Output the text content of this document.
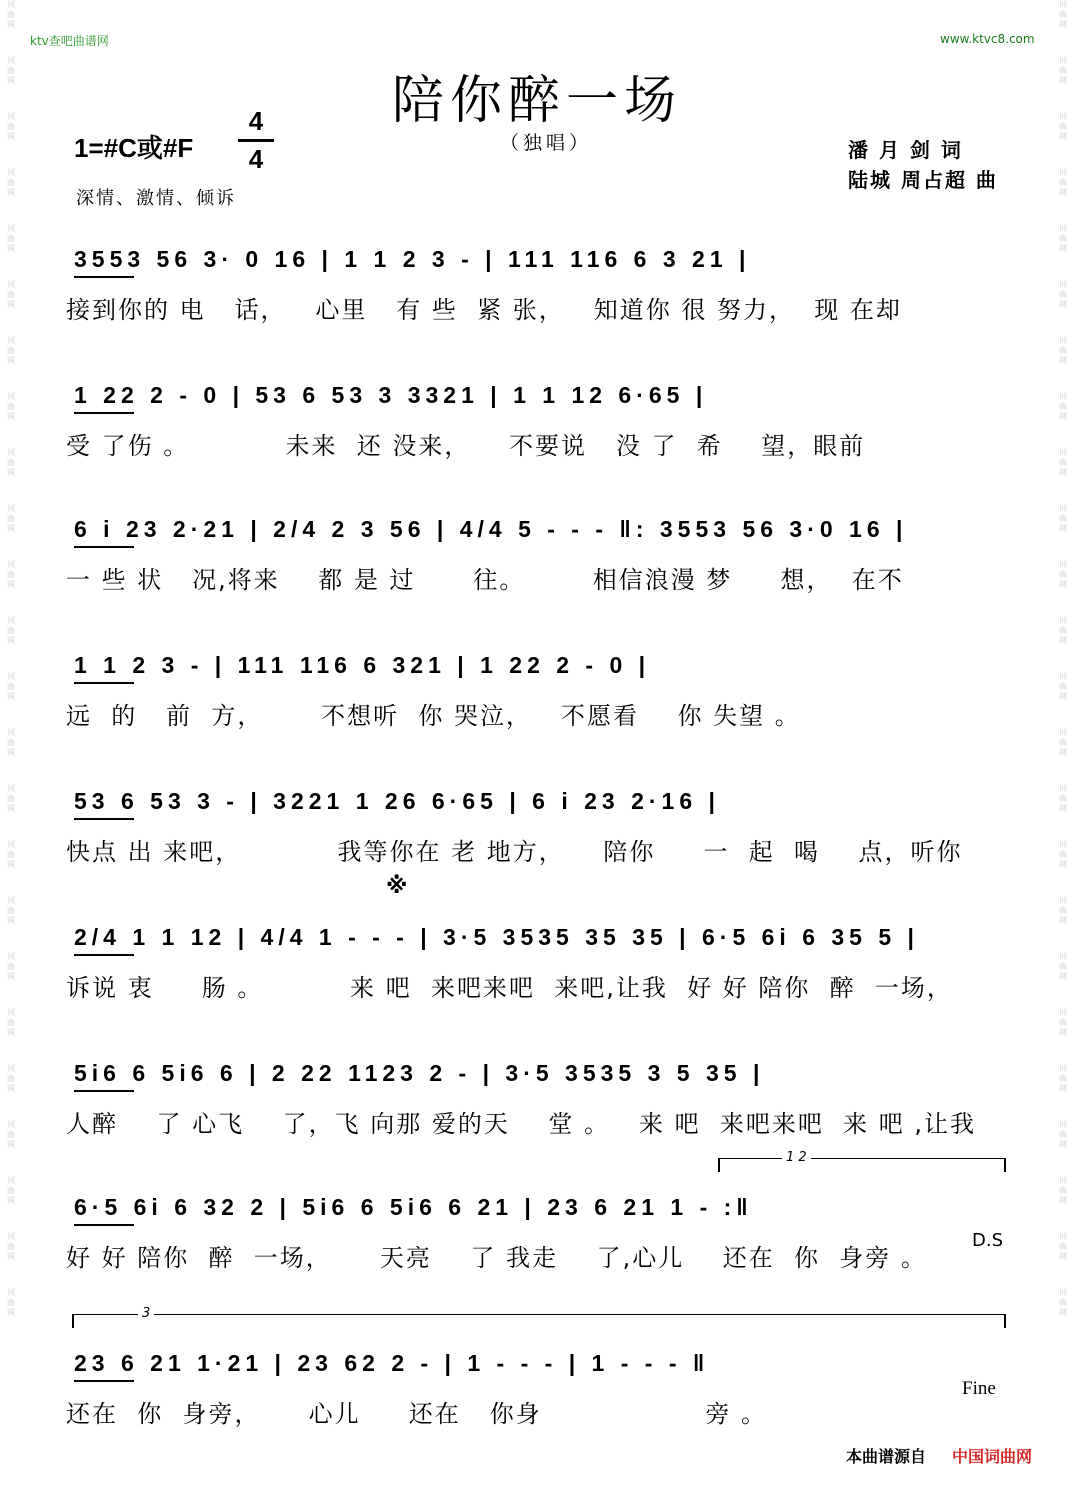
词
曲
网
词
曲
网
词
曲
网
词
曲
网
词
曲
网
词
曲
网
词
曲
网
词
曲
网
词
曲
网
词
曲
网
词
曲
网
词
曲
网
词
曲
网
词
曲
网
词
曲
网
词
曲
网
词
曲
网
词
曲
网
词
曲
网
词
曲
网
词
曲
网
词
曲
网
词
曲
网
词
曲
网
词
曲
网
词
曲
网
词
曲
网
词
曲
网
词
曲
网
词
曲
网
词
曲
网
词
曲
网
词
曲
网
词
曲
网
词
曲
网
词
曲
网
词
曲
网
词
曲
网
词
曲
网
词
曲
网
词
曲
网
词
曲
网
词
曲
网
词
曲
网
词
曲
网
词
曲
网
词
曲
网
词
曲
网
ktv查吧曲谱网	www.ktvc8.com
陪你醉一场
1=#C或#F
4
4
深情、激情、倾诉
（独唱）	潘 月 剑 词
陆城 周占超 曲
3553 56 3· 0 16 | 1 1 2 3 - | 111 116 6 3 21 |
接到你的 电   话，   心里   有 些  紧 张，   知道你 很 努力，  现 在却
1 22 2 - 0 | 53 6 53 3 3321 | 1 1 12 6·65 |
受 了伤 。          未来  还 没来，    不要说   没 了  希    望，眼前
6 i 23 2·21 | 2/4 2 3 56 | 4/4 5 - - - ‖: 3553 56 3·0 16 |
一 些 状   况,将来    都 是 过      往。       相信浪漫 梦     想，  在不
1 1 2 3 - | 111 116 6 321 | 1 22 2 - 0 |
远  的   前  方，      不想听  你 哭泣，   不愿看    你 失望 。
53 6 53 3 - | 3221 1 26 6·65 | 6 i 23 2·16 |
快点 出 来吧，          我等你在 老 地方，    陪你     一  起  喝    点，听你
2/4 1 1 12 | 4/4 1 - - - | 3·5 3535 35 35 | 6·5 6i 6 35 5 |
诉说 衷     肠 。         来 吧  来吧来吧  来吧,让我  好 好 陪你  醉  一场，
5i6 6 5i6 6 | 2 22 1123 2 - | 3·5 3535 3 5 35 |
人醉    了 心飞    了，飞 向那 爱的天    堂 。   来 吧  来吧来吧  来 吧 ,让我
6·5 6i 6 32 2 | 5i6 6 5i6 6 21 | 23 6 21 1 - :‖
好 好 陪你  醉  一场，     天亮    了 我走    了,心儿    还在  你  身旁 。
23 6 21 1·21 | 23 62 2 - | 1 - - - | 1 - - - ‖
还在  你  身旁，     心儿     还在   你身                 旁 。
※
1 2
D.S
3
Fine
本曲谱源自 中国词曲网
